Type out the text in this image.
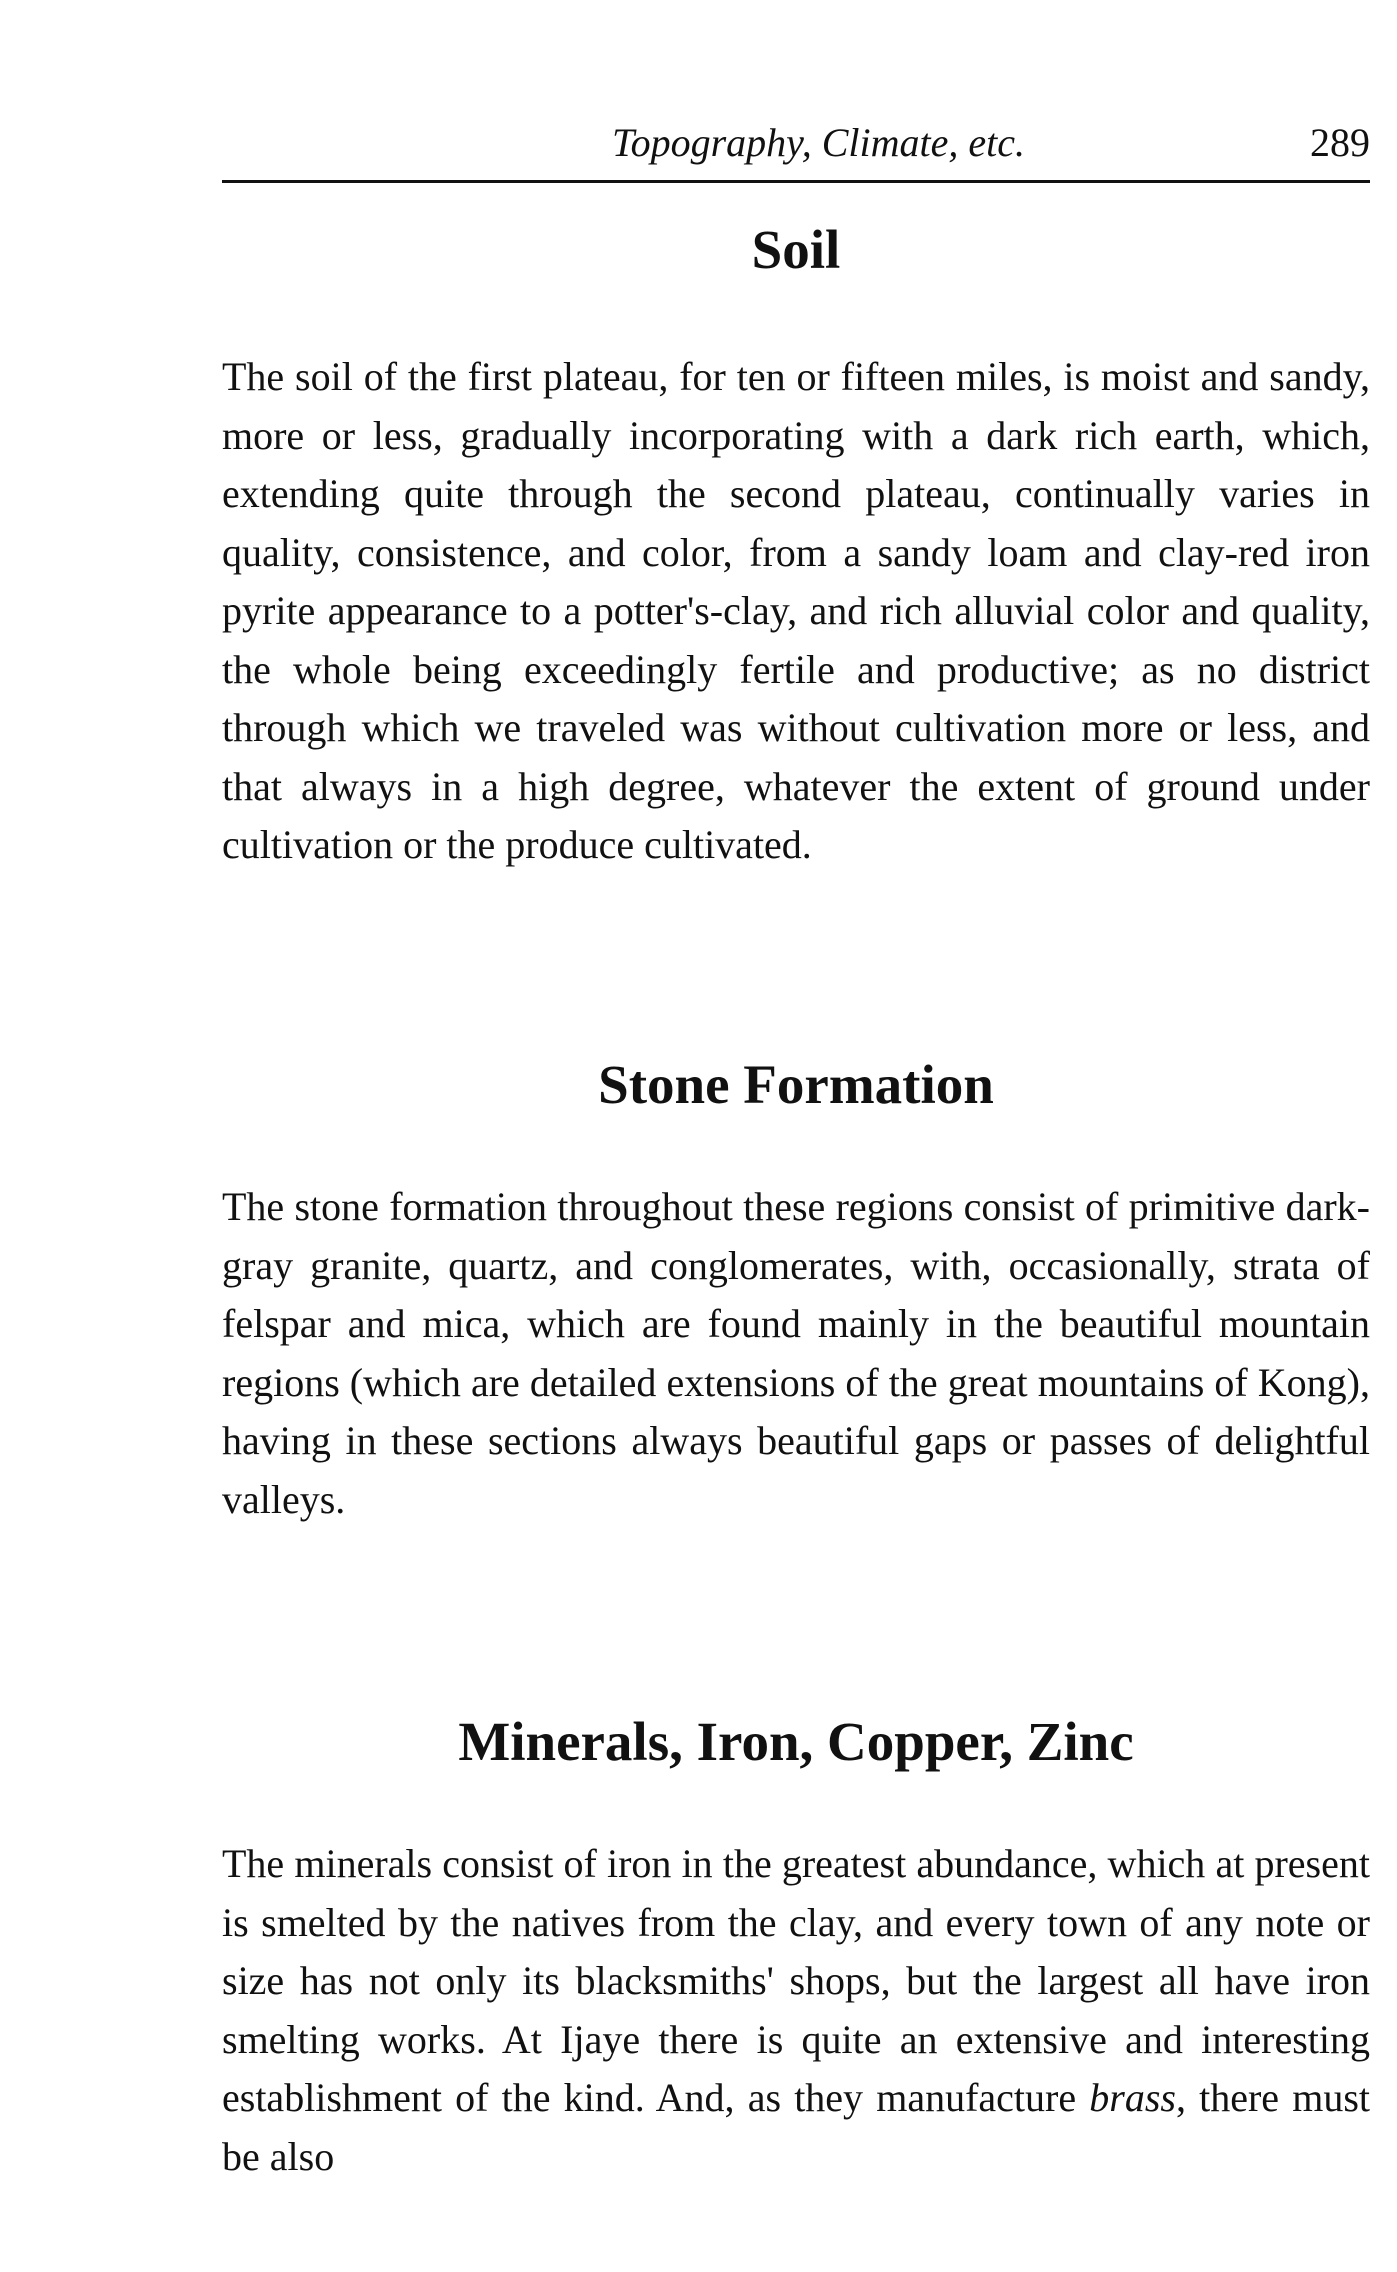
Topography, Climate, etc.	289
Soil

The soil of the first plateau, for ten or fifteen miles, is moist and sandy, more or less, gradually incorporating with a dark rich earth, which, extending quite through the second plateau, continually varies in quality, consistence, and color, from a sandy loam and clay-red iron pyrite appearance to a potter's-clay, and rich alluvial color and quality, the whole being exceedingly fertile and productive; as no district through which we traveled was without cultivation more or less, and that always in a high degree, whatever the extent of ground under cultivation or the produce cultivated.

Stone Formation

The stone formation throughout these regions consist of primitive dark-gray granite, quartz, and conglomerates, with, occasionally, strata of felspar and mica, which are found mainly in the beautiful mountain regions (which are detailed extensions of the great mountains of Kong), having in these sections always beautiful gaps or passes of delightful valleys.

Minerals, Iron, Copper, Zinc

The minerals consist of iron in the greatest abundance, which at present is smelted by the natives from the clay, and every town of any note or size has not only its blacksmiths' shops, but the largest all have iron smelting works. At Ijaye there is quite an extensive and interesting establishment of the kind. And, as they manufacture brass, there must be also
